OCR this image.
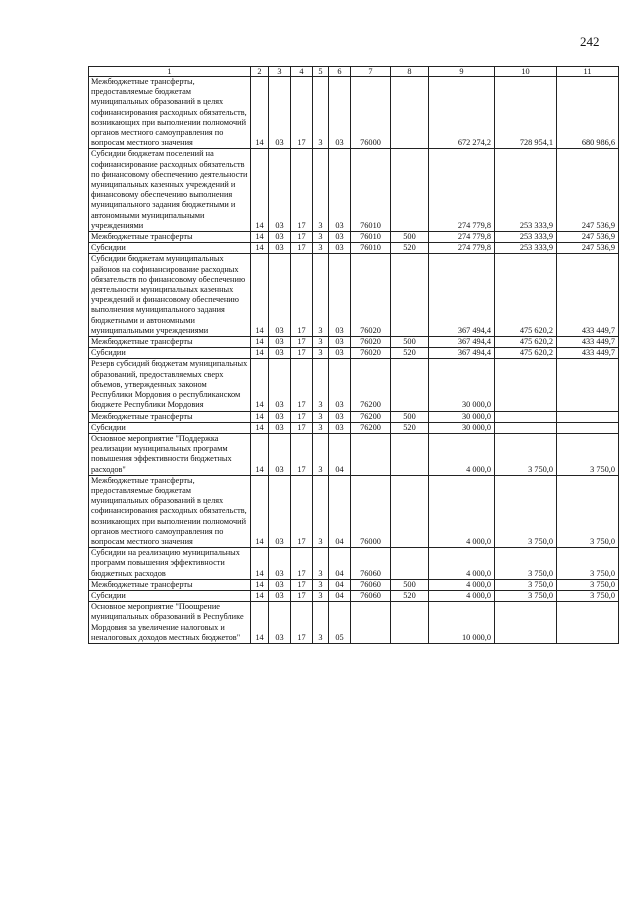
242
1	2	3	4	5	6	7	8	9	10	11
Межбюджетные трансферты, предоставляемые бюджетам муниципальных образований в целях софинансирования расходных обязательств, возникающих при выполнении полномочий органов местного самоуправления по вопросам местного значения	14	03	17	3	03	76000		672 274,2	728 954,1	680 986,6
Субсидии бюджетам поселений на софинансирование расходных обязательств по финансовому обеспечению деятельности муниципальных казенных учреждений и финансовому обеспечению выполнения муниципального задания бюджетными и автономными муниципальными учреждениями	14	03	17	3	03	76010		274 779,8	253 333,9	247 536,9
Межбюджетные трансферты	14	03	17	3	03	76010	500	274 779,8	253 333,9	247 536,9
Субсидии	14	03	17	3	03	76010	520	274 779,8	253 333,9	247 536,9
Субсидии бюджетам муниципальных районов на софинансирование расходных обязательств по финансовому обеспечению деятельности муниципальных казенных учреждений и финансовому обеспечению выполнения муниципального задания бюджетными и автономными муниципальными учреждениями	14	03	17	3	03	76020		367 494,4	475 620,2	433 449,7
Межбюджетные трансферты	14	03	17	3	03	76020	500	367 494,4	475 620,2	433 449,7
Субсидии	14	03	17	3	03	76020	520	367 494,4	475 620,2	433 449,7
Резерв субсидий бюджетам муниципальных образований, предоставляемых сверх объемов, утвержденных законом Республики Мордовия о республиканском бюджете Республики Мордовия	14	03	17	3	03	76200		30 000,0		
Межбюджетные трансферты	14	03	17	3	03	76200	500	30 000,0		
Субсидии	14	03	17	3	03	76200	520	30 000,0		
Основное мероприятие "Поддержка реализации муниципальных программ повышения эффективности бюджетных расходов"	14	03	17	3	04			4 000,0	3 750,0	3 750,0
Межбюджетные трансферты, предоставляемые бюджетам муниципальных образований в целях софинансирования расходных обязательств, возникающих при выполнении полномочий органов местного самоуправления по вопросам местного значения	14	03	17	3	04	76000		4 000,0	3 750,0	3 750,0
Субсидии на реализацию муниципальных программ повышения эффективности бюджетных расходов	14	03	17	3	04	76060		4 000,0	3 750,0	3 750,0
Межбюджетные трансферты	14	03	17	3	04	76060	500	4 000,0	3 750,0	3 750,0
Субсидии	14	03	17	3	04	76060	520	4 000,0	3 750,0	3 750,0
Основное мероприятие "Поощрение муниципальных образований в Республике Мордовия за увеличение налоговых и неналоговых доходов местных бюджетов"	14	03	17	3	05			10 000,0		
